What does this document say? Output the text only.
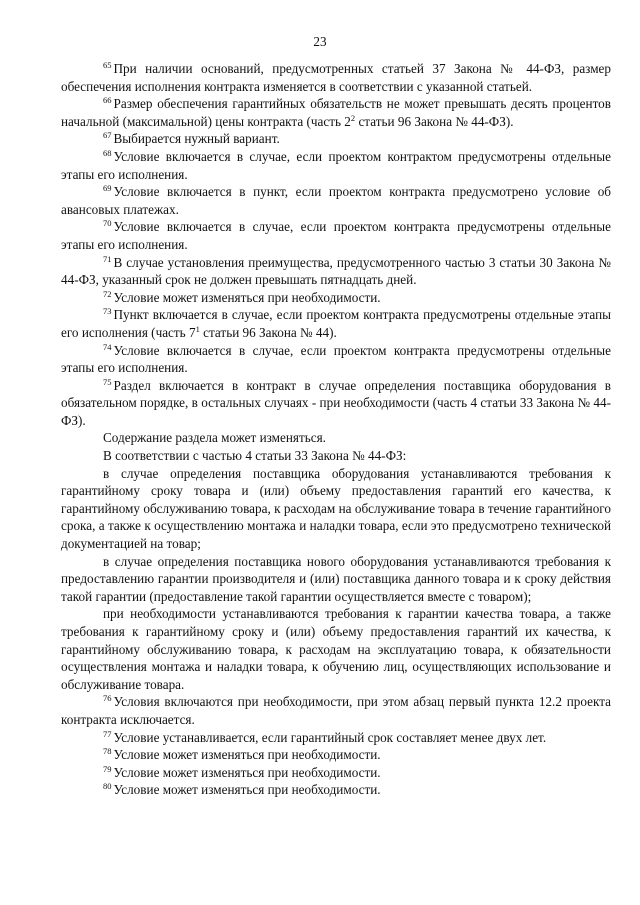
23

$^{65}$ При наличии оснований, предусмотренных статьей 37 Закона № 44-ФЗ, размер обеспечения исполнения контракта изменяется в соответствии с указанной статьей.

$^{66}$ Размер обеспечения гарантийных обязательств не может превышать десять процентов начальной (максимальной) цены контракта (часть $2^2$ статьи 96 Закона № 44-ФЗ).

$^{67}$ Выбирается нужный вариант.

$^{68}$ Условие включается в случае, если проектом контрактом предусмотрены отдельные этапы его исполнения.

$^{69}$ Условие включается в пункт, если проектом контракта предусмотрено условие об авансовых платежах.

$^{70}$ Условие включается в случае, если проектом контракта предусмотрены отдельные этапы его исполнения.

$^{71}$ В случае установления преимущества, предусмотренного частью 3 статьи 30 Закона № 44-ФЗ, указанный срок не должен превышать пятнадцать дней.

$^{72}$ Условие может изменяться при необходимости.

$^{73}$ Пункт включается в случае, если проектом контракта предусмотрены отдельные этапы его исполнения (часть $7^1$ статьи 96 Закона № 44).

$^{74}$ Условие включается в случае, если проектом контракта предусмотрены отдельные этапы его исполнения.

$^{75}$ Раздел включается в контракт в случае определения поставщика оборудования в обязательном порядке, в остальных случаях - при необходимости (часть 4 статьи 33 Закона № 44-ФЗ).

Содержание раздела может изменяться.

В соответствии с частью 4 статьи 33 Закона № 44-ФЗ:

в случае определения поставщика оборудования устанавливаются требования к гарантийному сроку товара и (или) объему предоставления гарантий его качества, к гарантийному обслуживанию товара, к расходам на обслуживание товара в течение гарантийного срока, а также к осуществлению монтажа и наладки товара, если это предусмотрено технической документацией на товар;

в случае определения поставщика нового оборудования устанавливаются требования к предоставлению гарантии производителя и (или) поставщика данного товара и к сроку действия такой гарантии (предоставление такой гарантии осуществляется вместе с товаром);

при необходимости устанавливаются требования к гарантии качества товара, а также требования к гарантийному сроку и (или) объему предоставления гарантий их качества, к гарантийному обслуживанию товара, к расходам на эксплуатацию товара, к обязательности осуществления монтажа и наладки товара, к обучению лиц, осуществляющих использование и обслуживание товара.

$^{76}$ Условия включаются при необходимости, при этом абзац первый пункта 12.2 проекта контракта исключается.

$^{77}$ Условие устанавливается, если гарантийный срок составляет менее двух лет.

$^{78}$ Условие может изменяться при необходимости.

$^{79}$ Условие может изменяться при необходимости.

$^{80}$ Условие может изменяться при необходимости.
